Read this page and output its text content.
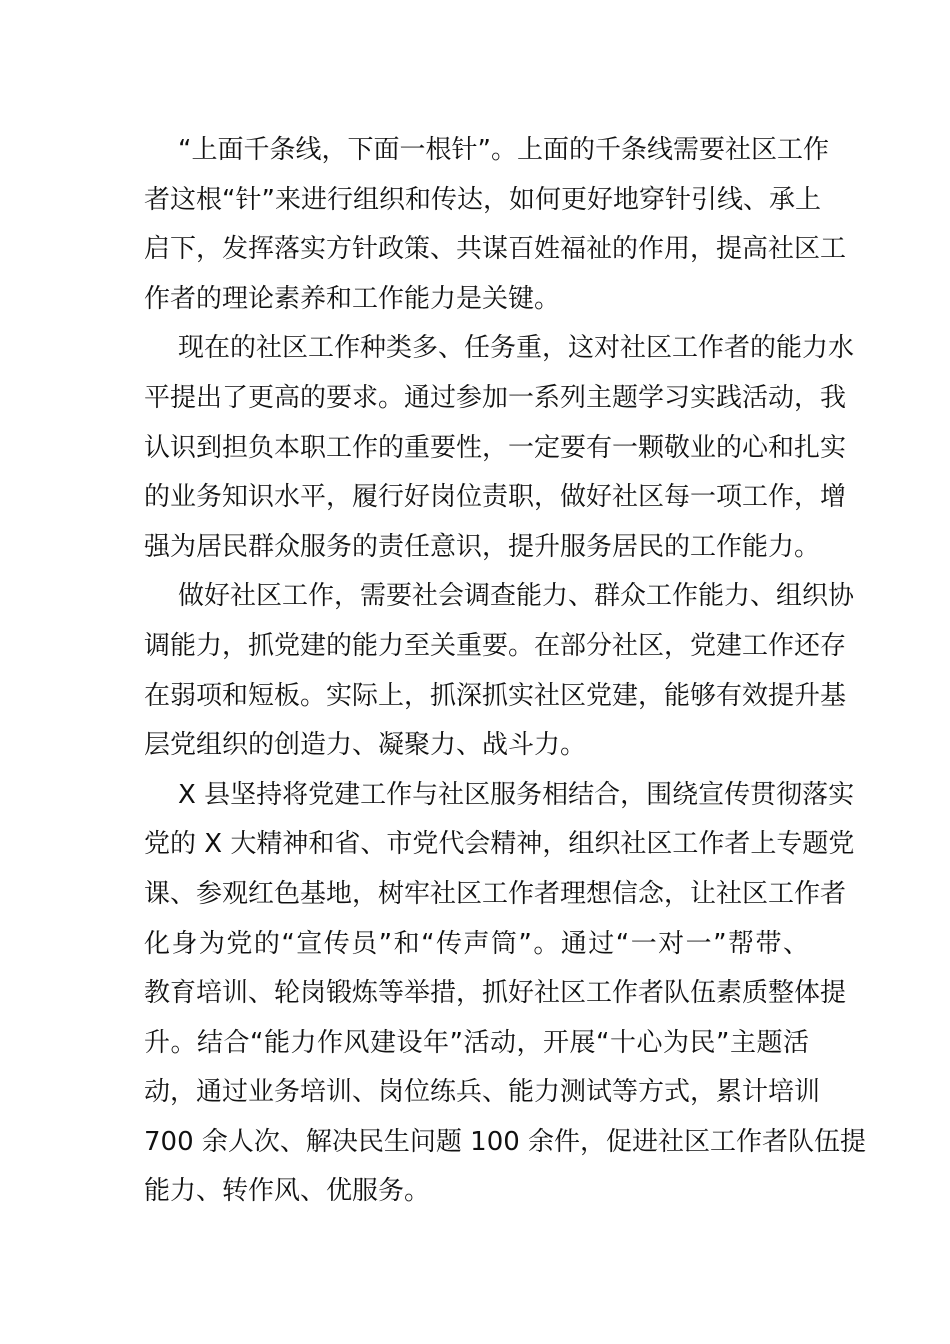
“上面千条线，下面一根针”。上面的千条线需要社区工作
者这根“针”来进行组织和传达，如何更好地穿针引线、承上
启下，发挥落实方针政策、共谋百姓福祉的作用，提高社区工
作者的理论素养和工作能力是关键。
现在的社区工作种类多、任务重，这对社区工作者的能力水
平提出了更高的要求。通过参加一系列主题学习实践活动，我
认识到担负本职工作的重要性，一定要有一颗敬业的心和扎实
的业务知识水平，履行好岗位责职，做好社区每一项工作，增
强为居民群众服务的责任意识，提升服务居民的工作能力。
做好社区工作，需要社会调查能力、群众工作能力、组织协
调能力，抓党建的能力至关重要。在部分社区，党建工作还存
在弱项和短板。实际上，抓深抓实社区党建，能够有效提升基
层党组织的创造力、凝聚力、战斗力。
X 县坚持将党建工作与社区服务相结合，围绕宣传贯彻落实
党的 X 大精神和省、市党代会精神，组织社区工作者上专题党
课、参观红色基地，树牢社区工作者理想信念，让社区工作者
化身为党的“宣传员”和“传声筒”。通过“一对一”帮带、
教育培训、轮岗锻炼等举措，抓好社区工作者队伍素质整体提
升。结合“能力作风建设年”活动，开展“十心为民”主题活
动，通过业务培训、岗位练兵、能力测试等方式，累计培训
700 余人次、解决民生问题 100 余件，促进社区工作者队伍提
能力、转作风、优服务。
